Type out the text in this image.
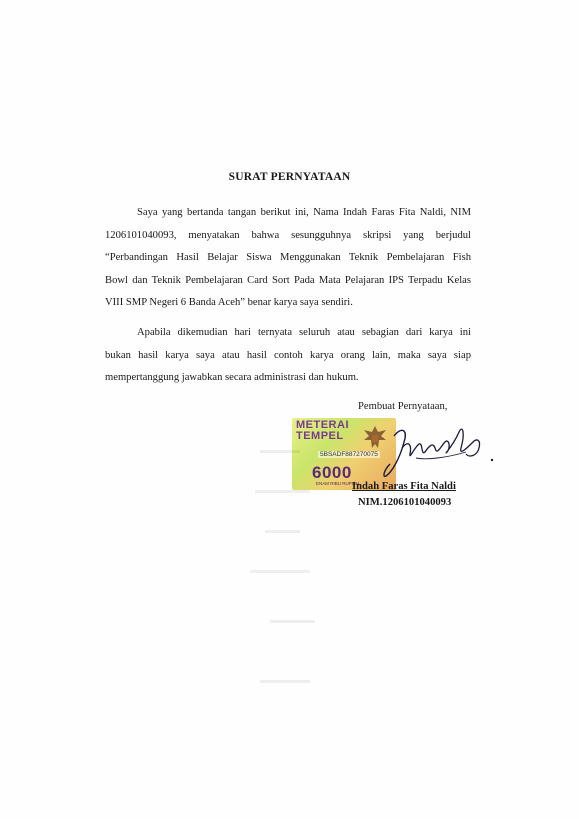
SURAT PERNYATAAN
Saya yang bertanda tangan berikut ini, Nama Indah Faras Fita Naldi, NIM
1206101040093, menyatakan bahwa sesungguhnya skripsi yang berjudul
“Perbandingan Hasil Belajar Siswa Menggunakan Teknik Pembelajaran Fish
Bowl dan Teknik Pembelajaran Card Sort Pada Mata Pelajaran IPS Terpadu Kelas
VIII SMP Negeri 6 Banda Aceh” benar karya saya sendiri.
Apabila dikemudian hari ternyata seluruh atau sebagian dari karya ini
bukan hasil karya saya atau hasil contoh karya orang lain, maka saya siap
mempertanggung jawabkan secara administrasi dan hukum.
Pembuat Pernyataan,
METERAI
TEMPEL
5BSADF887270075
6000
ENAM RIBU RUPIAH
Indah Faras Fita Naldi
NIM.1206101040093
